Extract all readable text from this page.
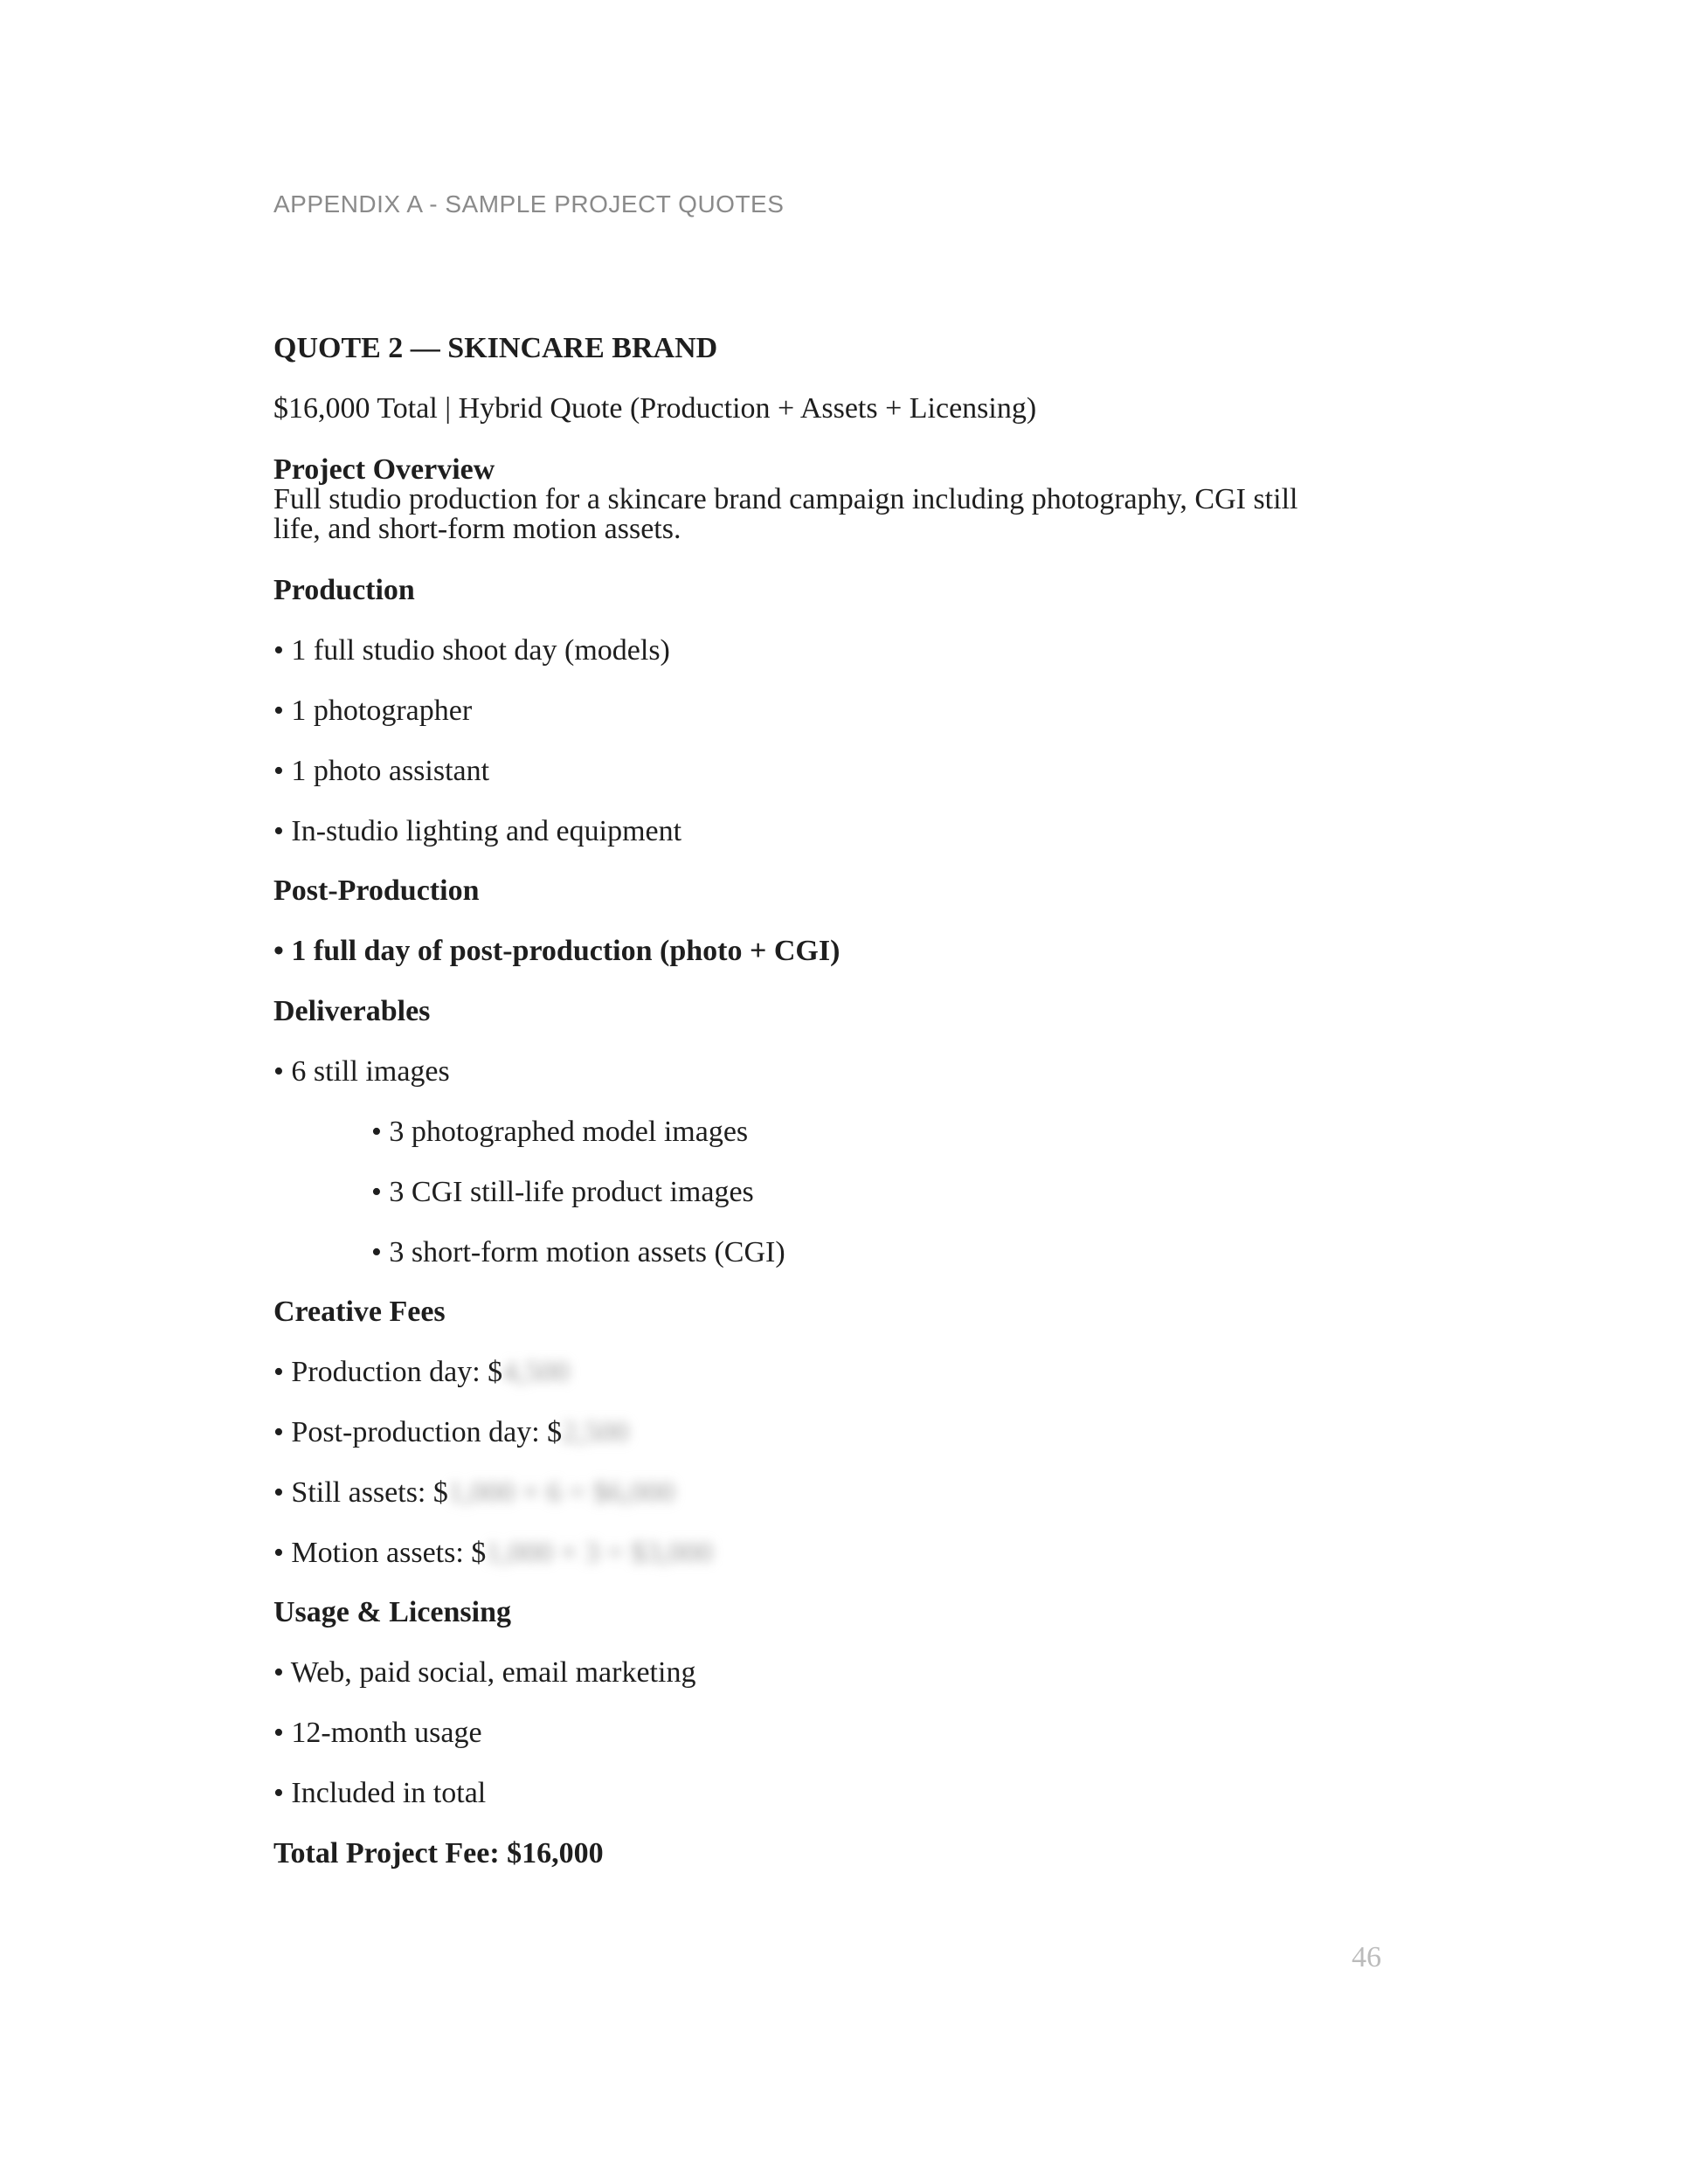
APPENDIX A - SAMPLE PROJECT QUOTES
QUOTE 2 — SKINCARE BRAND
$16,000 Total | Hybrid Quote (Production + Assets + Licensing)
Project Overview
Full studio production for a skincare brand campaign including photography, CGI still
life, and short-form motion assets.
Production
• 1 full studio shoot day (models)
• 1 photographer
• 1 photo assistant
• In-studio lighting and equipment
Post-Production
• 1 full day of post-production (photo + CGI)
Deliverables
• 6 still images
• 3 photographed model images
• 3 CGI still-life product images
• 3 short-form motion assets (CGI)
Creative Fees
• Production day: $4,500
• Post-production day: $2,500
• Still assets: $1,000 × 6 = $6,000
• Motion assets: $1,000 × 3 = $3,000
Usage & Licensing
• Web, paid social, email marketing
• 12-month usage
• Included in total
Total Project Fee: $16,000
46
